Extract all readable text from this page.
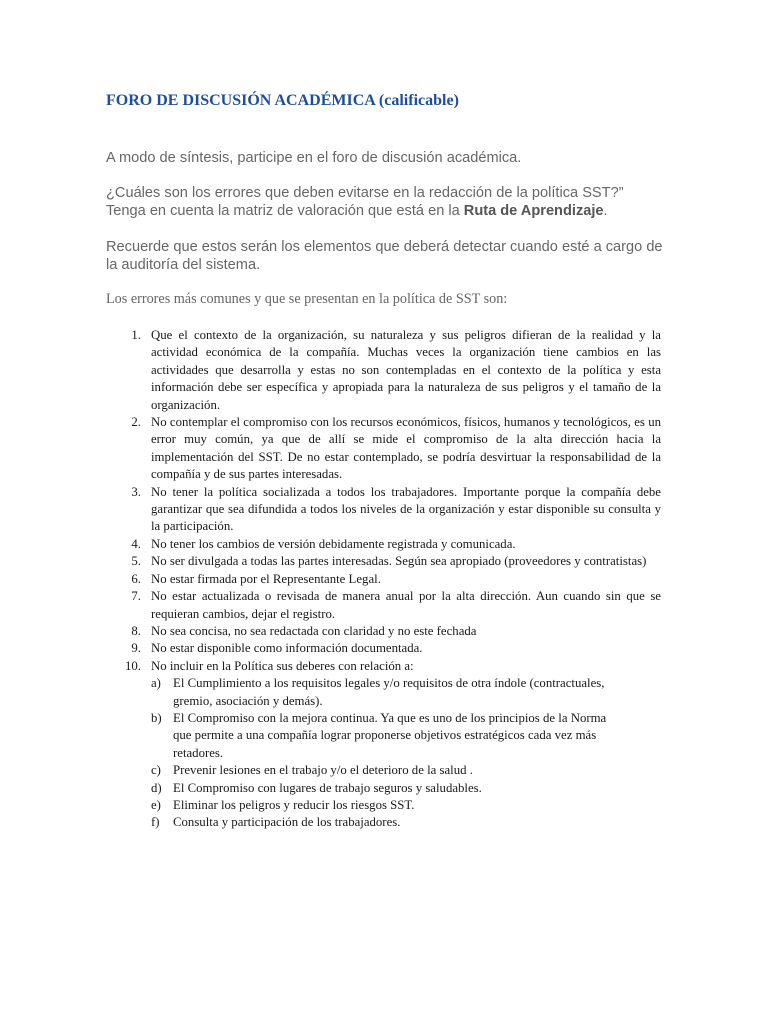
FORO DE DISCUSIÓN ACADÉMICA (calificable)

A modo de síntesis, participe en el foro de discusión académica.

¿Cuáles son los errores que deben evitarse en la redacción de la política SST?” Tenga en cuenta la matriz de valoración que está en la Ruta de Aprendizaje.

Recuerde que estos serán los elementos que deberá detectar cuando esté a cargo de la auditoría del sistema.

Los errores más comunes y que se presentan en la política de SST son:

1. Que el contexto de la organización, su naturaleza y sus peligros difieran de la realidad y la actividad económica de la compañía. Muchas veces la organización tiene cambios en las actividades que desarrolla y estas no son contempladas en el contexto de la política y esta información debe ser específica y apropiada para la naturaleza de sus peligros y el tamaño de la organización.
2. No contemplar el compromiso con los recursos económicos, físicos, humanos y tecnológicos, es un error muy común, ya que de allí se mide el compromiso de la alta dirección hacia la implementación del SST. De no estar contemplado, se podría desvirtuar la responsabilidad de la compañía y de sus partes interesadas.
3. No tener la política socializada a todos los trabajadores. Importante porque la compañía debe garantizar que sea difundida a todos los niveles de la organización y estar disponible su consulta y la participación.
4. No tener los cambios de versión debidamente registrada y comunicada.
5. No ser divulgada a todas las partes interesadas. Según sea apropiado (proveedores y contratistas)
6. No estar firmada por el Representante Legal.
7. No estar actualizada o revisada de manera anual por la alta dirección. Aun cuando sin que se requieran cambios, dejar el registro.
8. No sea concisa, no sea redactada con claridad y no este fechada
9. No estar disponible como información documentada.
10. No incluir en la Política sus deberes con relación a:
a) El Cumplimiento a los requisitos legales y/o requisitos de otra índole (contractuales, gremio, asociación y demás).
b) El Compromiso con la mejora continua. Ya que es uno de los principios de la Norma que permite a una compañía lograr proponerse objetivos estratégicos cada vez más retadores.
c) Prevenir lesiones en el trabajo y/o el deterioro de la salud .
d) El Compromiso con lugares de trabajo seguros y saludables.
e) Eliminar los peligros y reducir los riesgos SST.
f) Consulta y participación de los trabajadores.
